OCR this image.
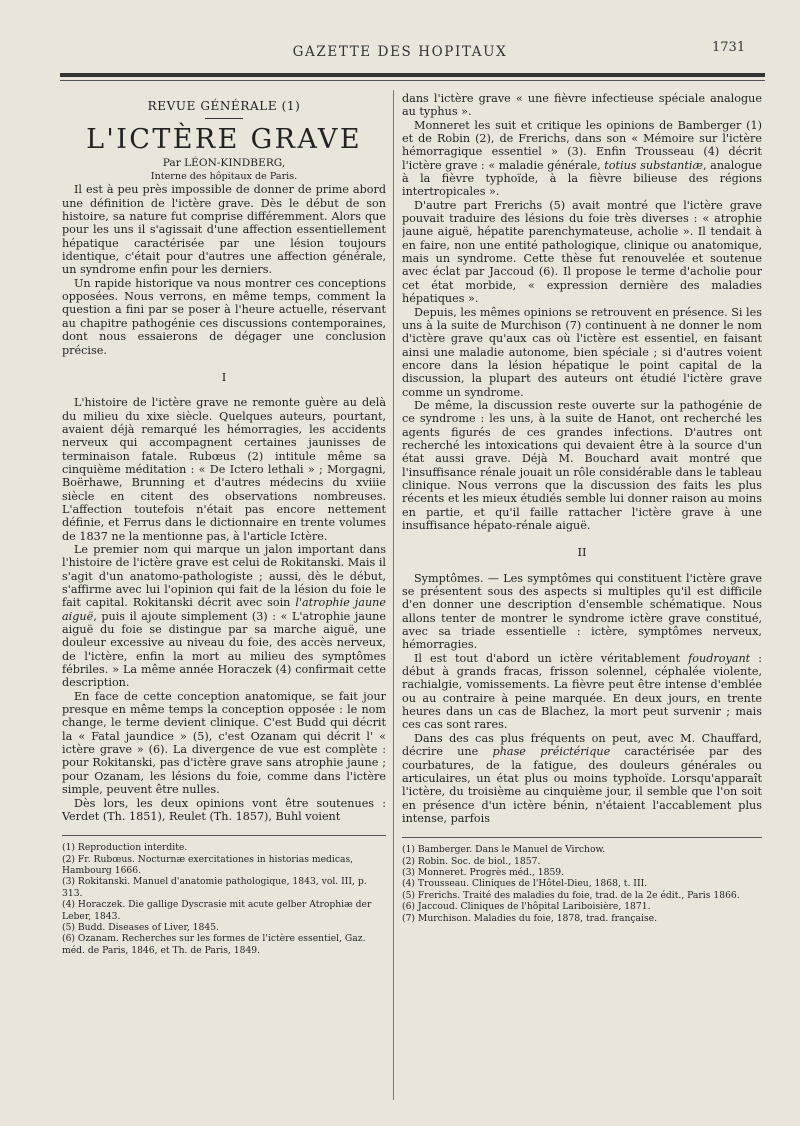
GAZETTE DES HOPITAUX	1731
REVUE GÉNÉRALE (1)
L'ICTÈRE GRAVE

Par LÉON-KINDBERG,

Interne des hôpitaux de Paris.

Il est à peu près impossible de donner de prime abord une définition de l'ictère grave. Dès le début de son histoire, sa nature fut comprise différemment. Alors que pour les uns il s'agissait d'une affection essentiellement hépatique caractérisée par une lésion toujours identique, c'était pour d'autres une affection générale, un syndrome enfin pour les derniers.

Un rapide historique va nous montrer ces conceptions opposées. Nous verrons, en même temps, comment la question a fini par se poser à l'heure actuelle, réservant au chapitre pathogénie ces discussions contemporaines, dont nous essaierons de dégager une conclusion précise.

I

L'histoire de l'ictère grave ne remonte guère au delà du milieu du xixe siècle. Quelques auteurs, pourtant, avaient déjà remarqué les hémorragies, les accidents nerveux qui accompagnent certaines jaunisses de terminaison fatale. Rubœus (2) intitule même sa cinquième méditation : « De Ictero lethali » ; Morgagni, Boërhawe, Brunning et d'autres médecins du xviiie siècle en citent des observations nombreuses. L'affection toutefois n'était pas encore nettement définie, et Ferrus dans le dictionnaire en trente volumes de 1837 ne la mentionne pas, à l'article Ictère.

Le premier nom qui marque un jalon important dans l'histoire de l'ictère grave est celui de Rokitanski. Mais il s'agit d'un anatomo-pathologiste ; aussi, dès le début, s'affirme avec lui l'opinion qui fait de la lésion du foie le fait capital. Rokitanski décrit avec soin l'atrophie jaune aiguë, puis il ajoute simplement (3) : « L'atrophie jaune aiguë du foie se distingue par sa marche aiguë, une douleur excessive au niveau du foie, des accès nerveux, de l'ictère, enfin la mort au milieu des symptômes fébriles. » La même année Horaczek (4) confirmait cette description.

En face de cette conception anatomique, se fait jour presque en même temps la conception opposée : le nom change, le terme devient clinique. C'est Budd qui décrit la « Fatal jaundice » (5), c'est Ozanam qui décrit l' « ictère grave » (6). La divergence de vue est complète : pour Rokitanski, pas d'ictère grave sans atrophie jaune ; pour Ozanam, les lésions du foie, comme dans l'ictère simple, peuvent être nulles.

Dès lors, les deux opinions vont être soutenues : Verdet (Th. 1851), Reulet (Th. 1857), Buhl voient

(1) Reproduction interdite.

(2) Fr. Rubœus. Nocturnæ exercitationes in historias medicas, Hambourg 1666.

(3) Rokitanski. Manuel d'anatomie pathologique, 1843, vol. III, p. 313.

(4) Horaczek. Die gallige Dyscrasie mit acute gelber Atrophiæ der Leber, 1843.

(5) Budd. Diseases of Liver, 1845.

(6) Ozanam. Recherches sur les formes de l'ictère essentiel, Gaz. méd. de Paris, 1846, et Th. de Paris, 1849.

dans l'ictère grave « une fièvre infectieuse spéciale analogue au typhus ».

Monneret les suit et critique les opinions de Bamberger (1) et de Robin (2), de Frerichs, dans son « Mémoire sur l'ictère hémorragique essentiel » (3). Enfin Trousseau (4) décrit l'ictère grave : « maladie générale, totius substantiæ, analogue à la fièvre typhoïde, à la fièvre bilieuse des régions intertropicales ».

D'autre part Frerichs (5) avait montré que l'ictère grave pouvait traduire des lésions du foie très diverses : « atrophie jaune aiguë, hépatite parenchymateuse, acholie ». Il tendait à en faire, non une entité pathologique, clinique ou anatomique, mais un syndrome. Cette thèse fut renouvelée et soutenue avec éclat par Jaccoud (6). Il propose le terme d'acholie pour cet état morbide, « expression dernière des maladies hépatiques ».

Depuis, les mêmes opinions se retrouvent en présence. Si les uns à la suite de Murchison (7) continuent à ne donner le nom d'ictère grave qu'aux cas où l'ictère est essentiel, en faisant ainsi une maladie autonome, bien spéciale ; si d'autres voient encore dans la lésion hépatique le point capital de la discussion, la plupart des auteurs ont étudié l'ictère grave comme un syndrome.

De même, la discussion reste ouverte sur la pathogénie de ce syndrome : les uns, à la suite de Hanot, ont recherché les agents figurés de ces grandes infections. D'autres ont recherché les intoxications qui devaient être à la source d'un état aussi grave. Déjà M. Bouchard avait montré que l'insuffisance rénale jouait un rôle considérable dans le tableau clinique. Nous verrons que la discussion des faits les plus récents et les mieux étudiés semble lui donner raison au moins en partie, et qu'il faille rattacher l'ictère grave à une insuffisance hépato-rénale aiguë.

II

Symptômes. — Les symptômes qui constituent l'ictère grave se présentent sous des aspects si multiples qu'il est difficile d'en donner une description d'ensemble schématique. Nous allons tenter de montrer le syndrome ictère grave constitué, avec sa triade essentielle : ictère, symptômes nerveux, hémorragies.

Il est tout d'abord un ictère véritablement foudroyant : début à grands fracas, frisson solennel, céphalée violente, rachialgie, vomissements. La fièvre peut être intense d'emblée ou au contraire à peine marquée. En deux jours, en trente heures dans un cas de Blachez, la mort peut survenir ; mais ces cas sont rares.

Dans des cas plus fréquents on peut, avec M. Chauffard, décrire une phase préictérique caractérisée par des courbatures, de la fatigue, des douleurs générales ou articulaires, un état plus ou moins typhoïde. Lorsqu'apparaît l'ictère, du troisième au cinquième jour, il semble que l'on soit en présence d'un ictère bénin, n'étaient l'accablement plus intense, parfois

(1) Bamberger. Dans le Manuel de Virchow.

(2) Robin. Soc. de biol., 1857.

(3) Monneret. Progrès méd., 1859.

(4) Trousseau. Cliniques de l'Hôtel-Dieu, 1868, t. III.

(5) Frerichs. Traité des maladies du foie, trad. de la 2e édit., Paris 1866.

(6) Jaccoud. Cliniques de l'hôpital Lariboisière, 1871.

(7) Murchison. Maladies du foie, 1878, trad. française.
